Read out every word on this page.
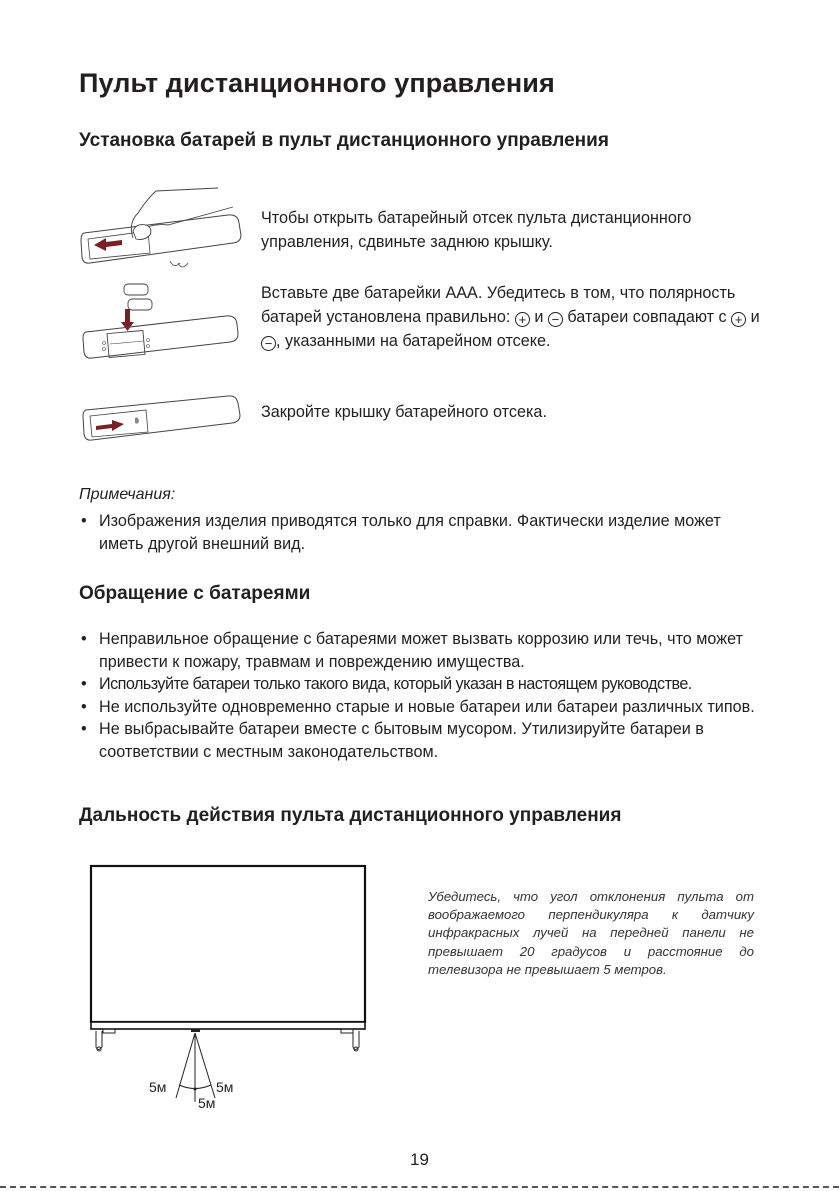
Пульт дистанционного управления
Установка батарей в пульт дистанционного управления
Чтобы открыть батарейный отсек пульта дистанционного управления, сдвиньте заднюю крышку.
Вставьте две батарейки ААА. Убедитесь в том, что полярность батарей установлена правильно: + и − батареи совпадают с + и − , указанными на батарейном отсеке.
Закройте крышку батарейного отсека.
Примечания:
• Изображения изделия приводятся только для справки. Фактически изделие может иметь другой внешний вид.
Обращение с батареями
• Неправильное обращение с батареями может вызвать коррозию или течь, что может привести к пожару, травмам и повреждению имущества.
• Используйте батареи только такого вида, который указан в настоящем руководстве.
• Не используйте одновременно старые и новые батареи или батареи различных типов.
• Не выбрасывайте батареи вместе с бытовым мусором. Утилизируйте батареи в соответствии с местным законодательством.
Дальность действия пульта дистанционного управления
5м	5м
5м
Убедитесь, что угол отклонения пульта от воображаемого перпендикуляра к датчику инфракрасных лучей на передней панели не превышает 20 градусов и расстояние до телевизора не превышает 5 метров.
19
